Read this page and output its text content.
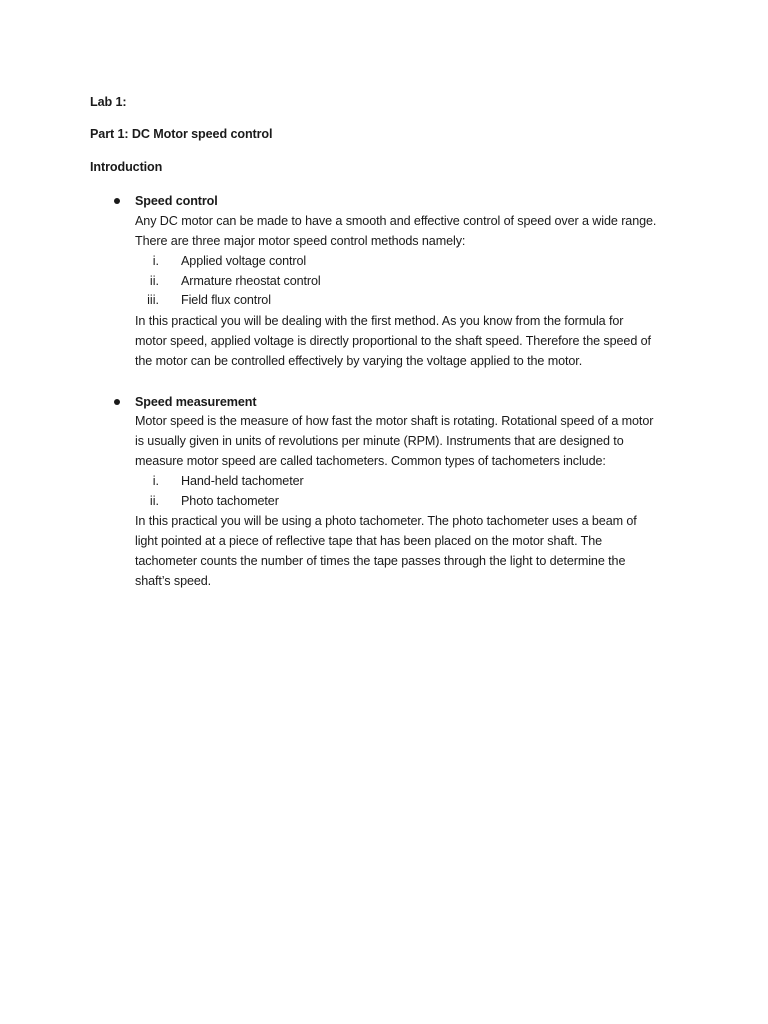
Lab 1:
Part 1: DC Motor speed control
Introduction
Speed control
Any DC motor can be made to have a smooth and effective control of speed over a wide range.
There are three major motor speed control methods namely:
i. Applied voltage control
ii. Armature rheostat control
iii. Field flux control
In this practical you will be dealing with the first method. As you know from the formula for
motor speed, applied voltage is directly proportional to the shaft speed. Therefore the speed of
the motor can be controlled effectively by varying the voltage applied to the motor.
Speed measurement
Motor speed is the measure of how fast the motor shaft is rotating. Rotational speed of a motor
is usually given in units of revolutions per minute (RPM). Instruments that are designed to
measure motor speed are called tachometers. Common types of tachometers include:
i. Hand-held tachometer
ii. Photo tachometer
In this practical you will be using a photo tachometer. The photo tachometer uses a beam of
light pointed at a piece of reflective tape that has been placed on the motor shaft. The
tachometer counts the number of times the tape passes through the light to determine the
shaft’s speed.
